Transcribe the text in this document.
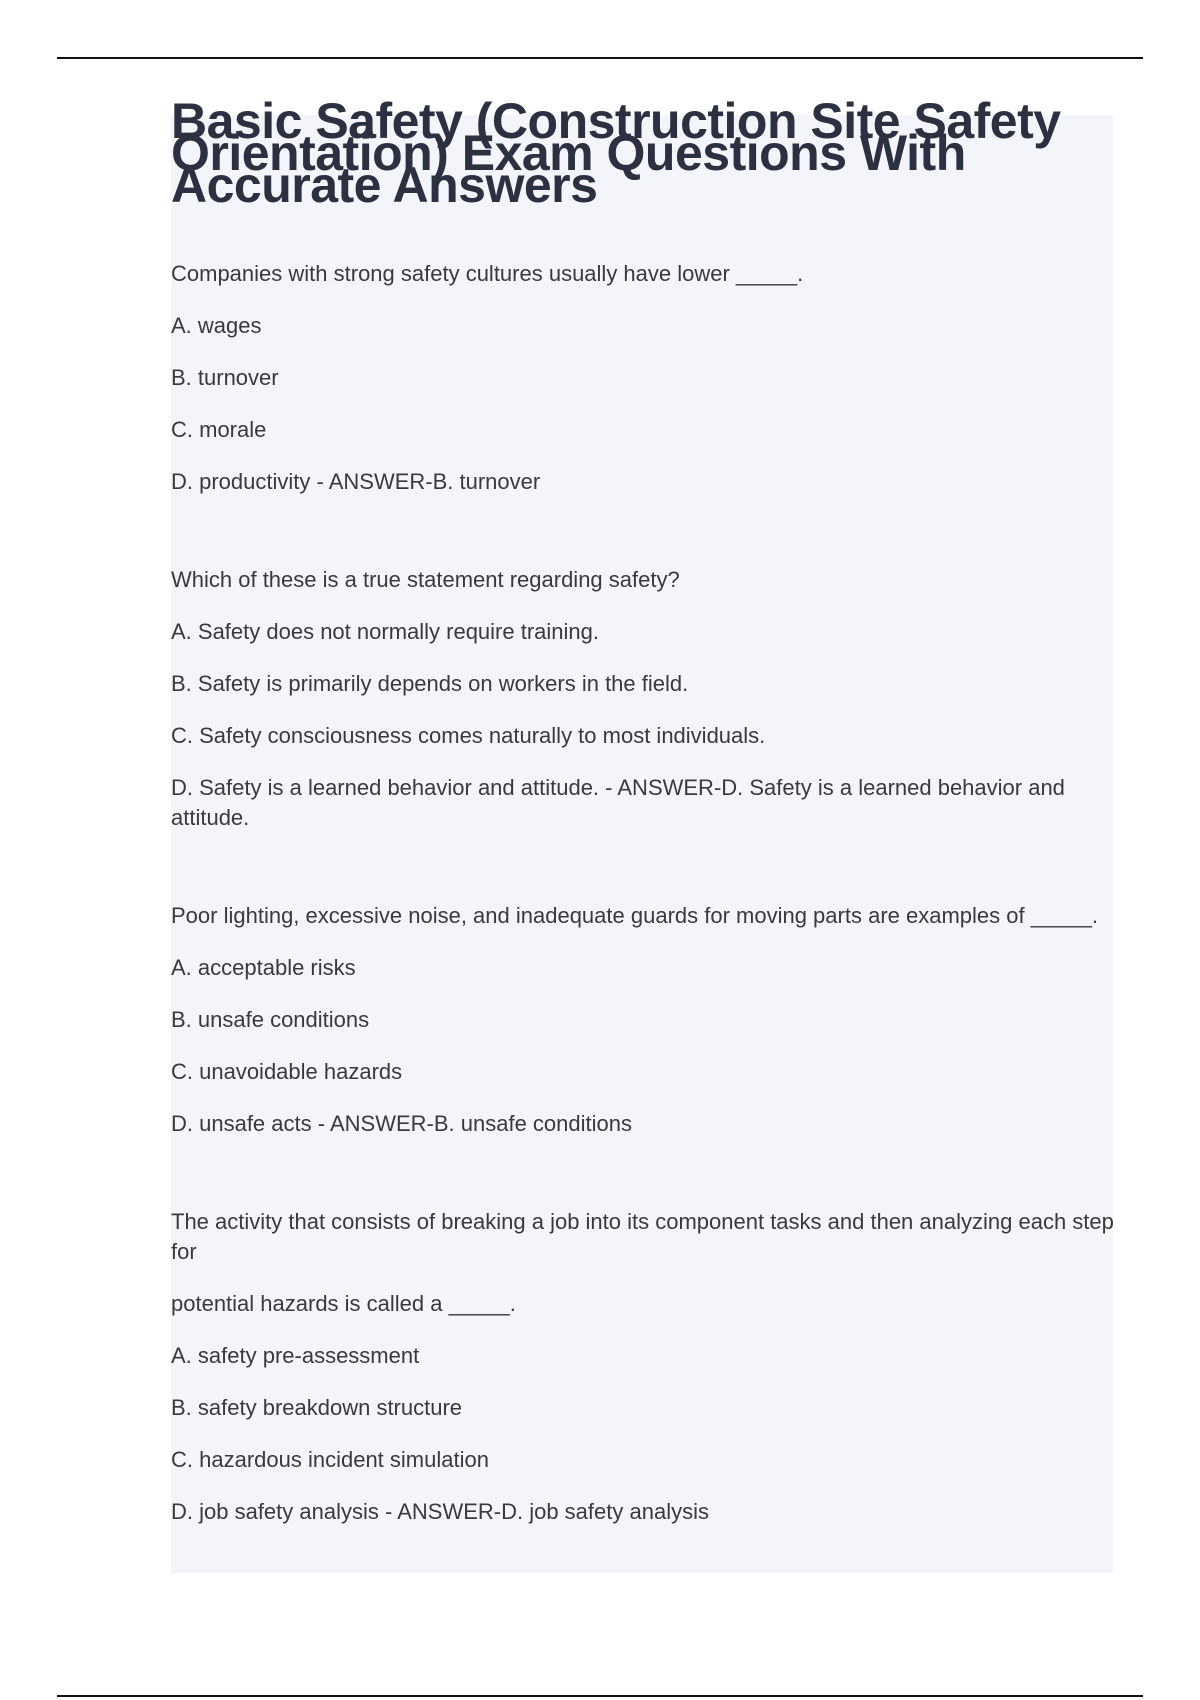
Basic Safety (Construction Site Safety Orientation) Exam Questions With Accurate Answers

Companies with strong safety cultures usually have lower _____.

A. wages

B. turnover

C. morale

D. productivity - ANSWER-B. turnover

Which of these is a true statement regarding safety?

A. Safety does not normally require training.

B. Safety is primarily depends on workers in the field.

C. Safety consciousness comes naturally to most individuals.

D. Safety is a learned behavior and attitude. - ANSWER-D. Safety is a learned behavior and attitude.

Poor lighting, excessive noise, and inadequate guards for moving parts are examples of _____.

A. acceptable risks

B. unsafe conditions

C. unavoidable hazards

D. unsafe acts - ANSWER-B. unsafe conditions

The activity that consists of breaking a job into its component tasks and then analyzing each step for

potential hazards is called a _____.

A. safety pre-assessment

B. safety breakdown structure

C. hazardous incident simulation

D. job safety analysis - ANSWER-D. job safety analysis
